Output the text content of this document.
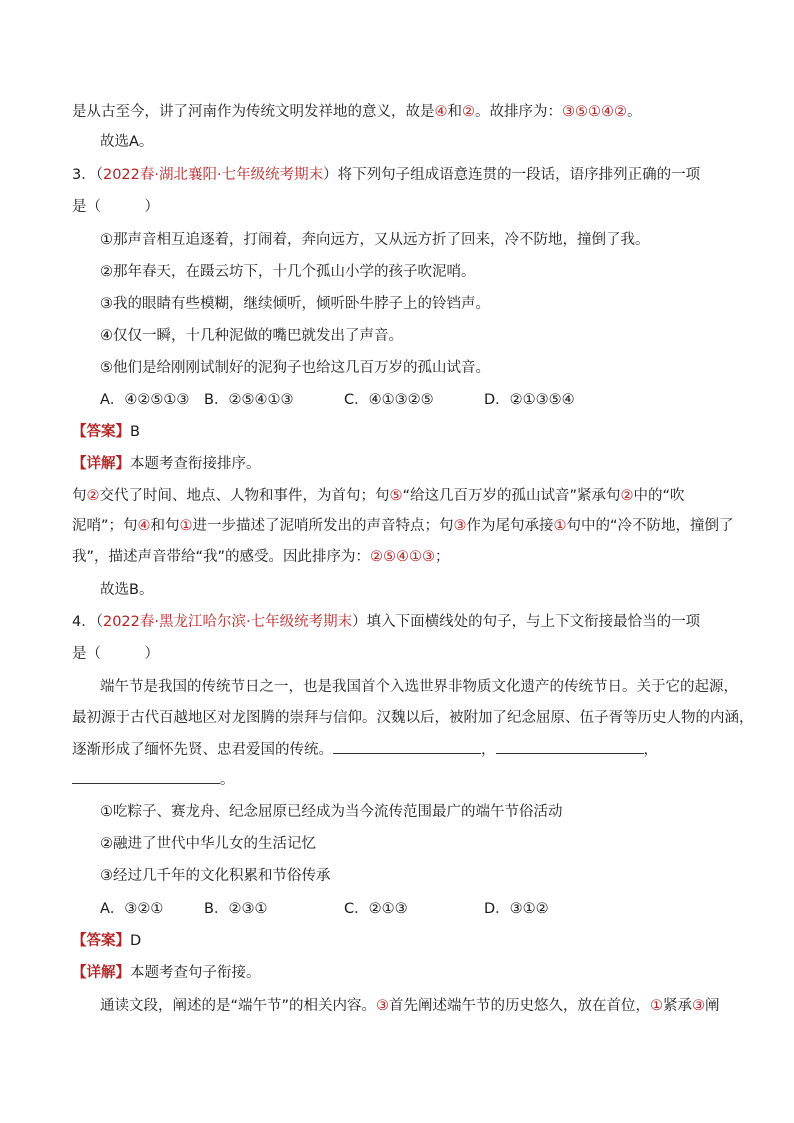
是从古至今，讲了河南作为传统文明发祥地的意义，故是④和②。故排序为：③⑤①④②。
故选A。
3．（2022春·湖北襄阳·七年级统考期末）将下列句子组成语意连贯的一段话，语序排列正确的一项
是（　　　）
①那声音相互追逐着，打闹着，奔向远方，又从远方折了回来，冷不防地，撞倒了我。
②那年春天，在蹑云坊下，十几个孤山小学的孩子吹泥哨。
③我的眼睛有些模糊，继续倾听，倾听卧牛脖子上的铃铛声。
④仅仅一瞬，十几种泥做的嘴巴就发出了声音。
⑤他们是给刚刚试制好的泥狗子也给这几百万岁的孤山试音。
A．④②⑤①③ B．②⑤④①③	C．④①③②⑤	D．②①③⑤④
【答案】B
【详解】本题考查衔接排序。
句②交代了时间、地点、人物和事件，为首句；句⑤“给这几百万岁的孤山试音”紧承句②中的“吹
泥哨”；句④和句①进一步描述了泥哨所发出的声音特点；句③作为尾句承接①句中的“冷不防地，撞倒了
我”，描述声音带给“我”的感受。因此排序为：②⑤④①③；
故选B。
4．（2022春·黑龙江哈尔滨·七年级统考期末）填入下面横线处的句子，与上下文衔接最恰当的一项
是（　　　）
端午节是我国的传统节日之一，也是我国首个入选世界非物质文化遗产的传统节日。关于它的起源，
最初源于古代百越地区对龙图腾的崇拜与信仰。汉魏以后，被附加了纪念屈原、伍子胥等历史人物的内涵，
逐渐形成了缅怀先贤、忠君爱国的传统。	，	，
。
①吃粽子、赛龙舟、纪念屈原已经成为当今流传范围最广的端午节俗活动
②融进了世代中华儿女的生活记忆
③经过几千年的文化积累和节俗传承
A．③②①	B．②③①	C．②①③	D．③①②
【答案】D
【详解】本题考查句子衔接。
通读文段，阐述的是“端午节”的相关内容。③首先阐述端午节的历史悠久，放在首位，①紧承③阐
